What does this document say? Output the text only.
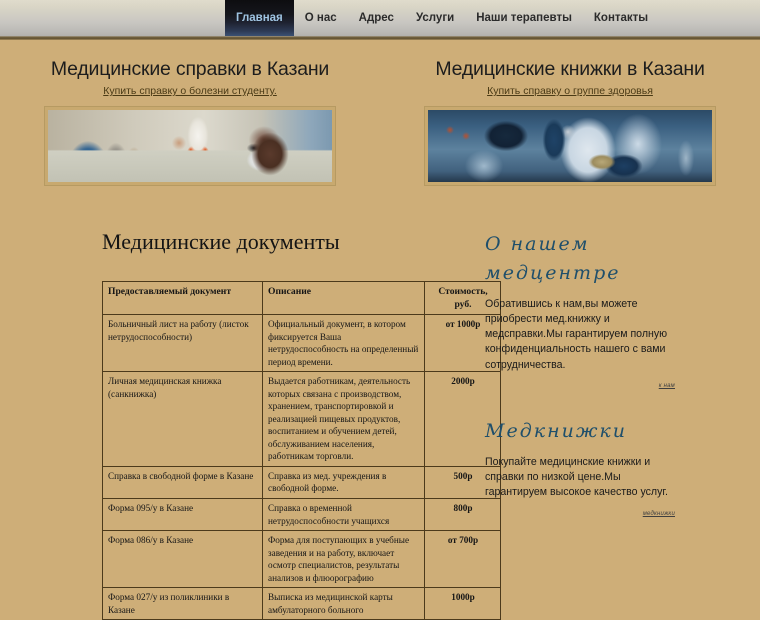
Главная О нас Адрес Услуги Наши терапевты Контакты
Медицинские справки в Казани
Купить справку о болезни студенту.
Медицинские книжки в Казани
Купить справку о группе здоровья
Медицинские документы
Предоставляемый документ	Описание	Стоимость, руб.
Больничный лист на работу (листок нетрудоспособности)	Официальный документ, в котором фиксируется Ваша нетрудоспособность на определенный период времени.	от 1000р
Личная медицинская книжка (санкнижка)	Выдается работникам, деятельность которых связана с производством, хранением, транспортировкой и реализацией пищевых продуктов, воспитанием и обучением детей, обслуживанием населения, работникам торговли.	2000р
Справка в свободной форме в Казане	Справка из мед. учреждения в свободной форме.	500р
Форма 095/у в Казане	Справка о временной нетрудоспособности учащихся	800р
Форма 086/у в Казане	Форма для поступающих в учебные заведения и на работу, включает осмотр специалистов, результаты анализов и флюорографию	от 700р
Форма 027/у из поликлиники в Казане	Выписка из медицинской карты амбулаторного больного	1000р
О нашем медцентре

Обратившись к нам,вы можете приобрести мед.книжку и медсправки.Мы гарантируем полную конфиденциальность нашего с вами сотрудничества.

к нам
Медкнижки

Покупайте медицинские книжки и справки по низкой цене.Мы гарантируем высокое качество услуг.

медкнижки
